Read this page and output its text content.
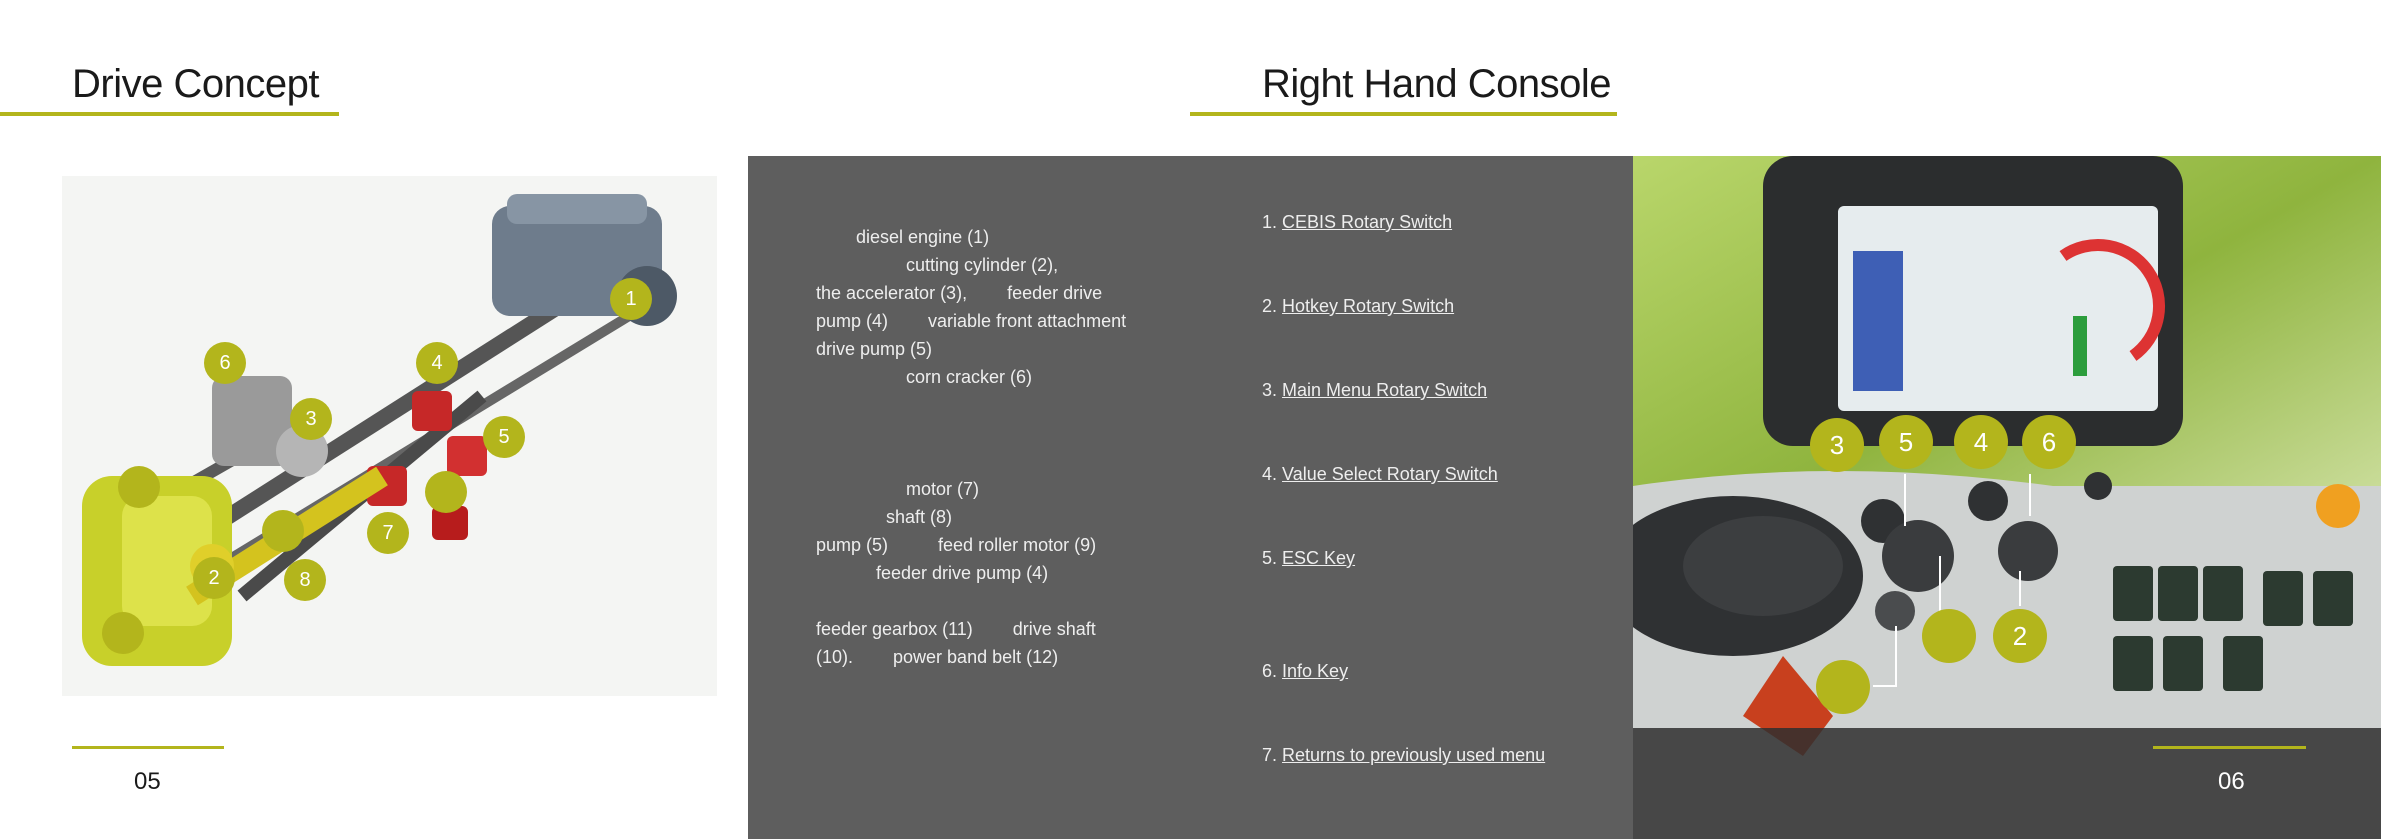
Drive Concept
1
6	4
3
5
7
2	8
05
diesel engine (1)
cutting cylinder (2),
the accelerator (3),        feeder drive
pump (4)        variable front attachment
drive pump (5)
corn cracker (6)
motor (7)
shaft (8)
pump (5)          feed roller motor (9)
feeder drive pump (4)
feeder gearbox (11)        drive shaft
(10).        power band belt (12)
Right Hand Console
1. CEBIS Rotary Switch
2. Hotkey Rotary Switch
3. Main Menu Rotary Switch
4. Value Select Rotary Switch
5. ESC Key
6. Info Key
7. Returns to previously used menu
3	5	4	6
2
06
